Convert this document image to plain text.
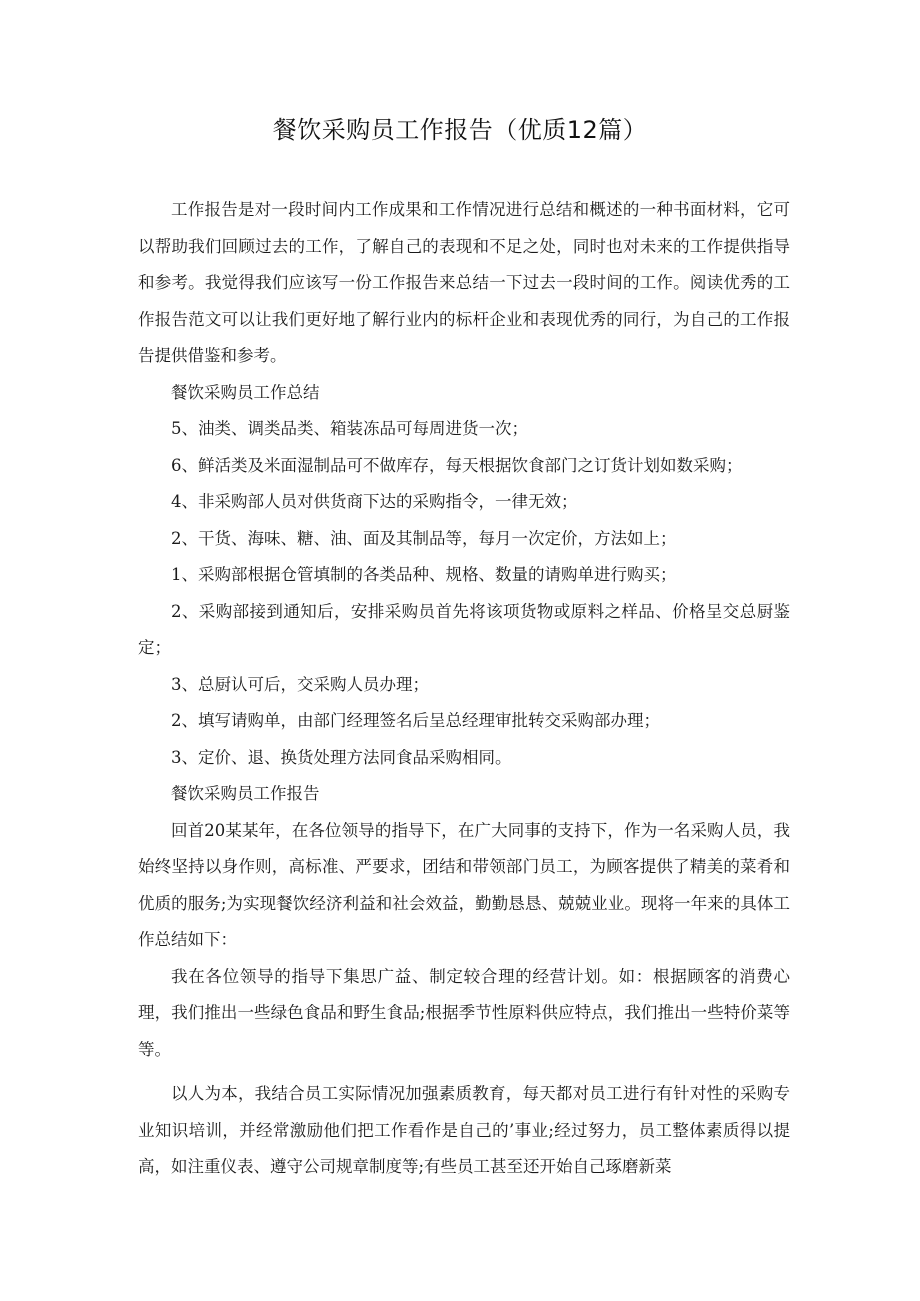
餐饮采购员工作报告（优质12篇）

工作报告是对一段时间内工作成果和工作情况进行总结和概述的一种书面材料，它可以帮助我们回顾过去的工作，了解自己的表现和不足之处，同时也对未来的工作提供指导和参考。我觉得我们应该写一份工作报告来总结一下过去一段时间的工作。阅读优秀的工作报告范文可以让我们更好地了解行业内的标杆企业和表现优秀的同行，为自己的工作报告提供借鉴和参考。

餐饮采购员工作总结

5、油类、调类品类、箱装冻品可每周进货一次；

6、鲜活类及米面湿制品可不做库存，每天根据饮食部门之订货计划如数采购；

4、非采购部人员对供货商下达的采购指令，一律无效；

2、干货、海味、糖、油、面及其制品等，每月一次定价，方法如上；

1、采购部根据仓管填制的各类品种、规格、数量的请购单进行购买；

2、采购部接到通知后，安排采购员首先将该项货物或原料之样品、价格呈交总厨鉴定；

3、总厨认可后，交采购人员办理；

2、填写请购单，由部门经理签名后呈总经理审批转交采购部办理；

3、定价、退、换货处理方法同食品采购相同。

餐饮采购员工作报告

回首20某某年，在各位领导的指导下，在广大同事的支持下，作为一名采购人员，我始终坚持以身作则，高标准、严要求，团结和带领部门员工，为顾客提供了精美的菜肴和优质的服务;为实现餐饮经济利益和社会效益，勤勤恳恳、兢兢业业。现将一年来的具体工作总结如下：

我在各位领导的指导下集思广益、制定较合理的经营计划。如：根据顾客的消费心理，我们推出一些绿色食品和野生食品;根据季节性原料供应特点，我们推出一些特价菜等等。

以人为本，我结合员工实际情况加强素质教育，每天都对员工进行有针对性的采购专业知识培训，并经常激励他们把工作看作是自己的’事业;经过努力，员工整体素质得以提高，如注重仪表、遵守公司规章制度等;有些员工甚至还开始自己琢磨新菜
